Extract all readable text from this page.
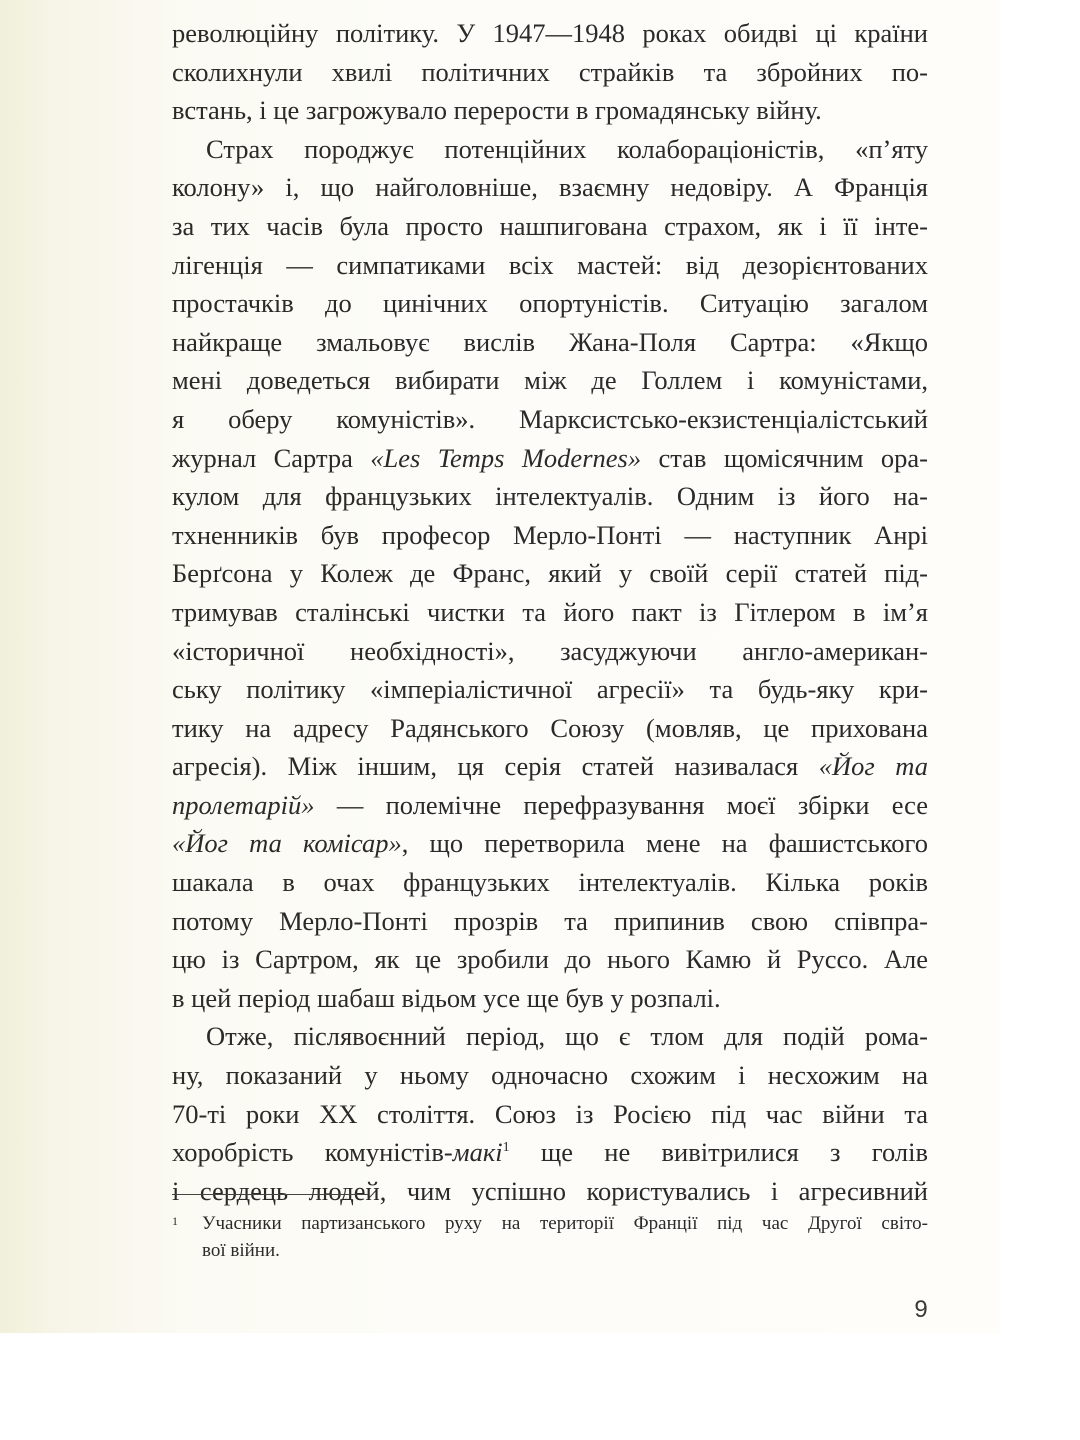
революційну політику. У 1947—1948 роках обидві ці країни
сколихнули хвилі політичних страйків та збройних по-
встань, і це загрожувало перерости в громадянську війну.
Страх породжує потенційних колабораціоністів, «п’яту
колону» і, що найголовніше, взаємну недовіру. А Франція
за тих часів була просто нашпигована страхом, як і її інте-
лігенція — симпатиками всіх мастей: від дезорієнтованих
простачків до цинічних опортуністів. Ситуацію загалом
найкраще змальовує вислів Жана-Поля Сартра: «Якщо
мені доведеться вибирати між де Голлем і комуністами,
я оберу комуністів». Марксистсько-екзистенціалістський
журнал Сартра «Les Temps Modernes» став щомісячним ора-
кулом для французьких інтелектуалів. Одним із його на-
тхненників був професор Мерло-Понті — наступник Анрі
Берґсона у Колеж де Франс, який у своїй серії статей під-
тримував сталінські чистки та його пакт із Гітлером в ім’я
«історичної необхідності», засуджуючи англо-американ-
ську політику «імперіалістичної агресії» та будь-яку кри-
тику на адресу Радянського Союзу (мовляв, це прихована
агресія). Між іншим, ця серія статей називалася «Йог та
пролетарій» — полемічне перефразування моєї збірки есе
«Йог та комісар», що перетворила мене на фашистського
шакала в очах французьких інтелектуалів. Кілька років
потому Мерло-Понті прозрів та припинив свою співпра-
цю із Сартром, як це зробили до нього Камю й Руссо. Але
в цей період шабаш відьом усе ще був у розпалі.
Отже, післявоєнний період, що є тлом для подій рома-
ну, показаний у ньому одночасно схожим і несхожим на
70-ті роки XX століття. Союз із Росією під час війни та
хоробрість комуністів-макі$^1$ ще не вивітрилися з голів
і сердець людей, чим успішно користувались і агресивний
1	Учасники партизанського руху на території Франції під час Другої світо-
вої війни.
9
